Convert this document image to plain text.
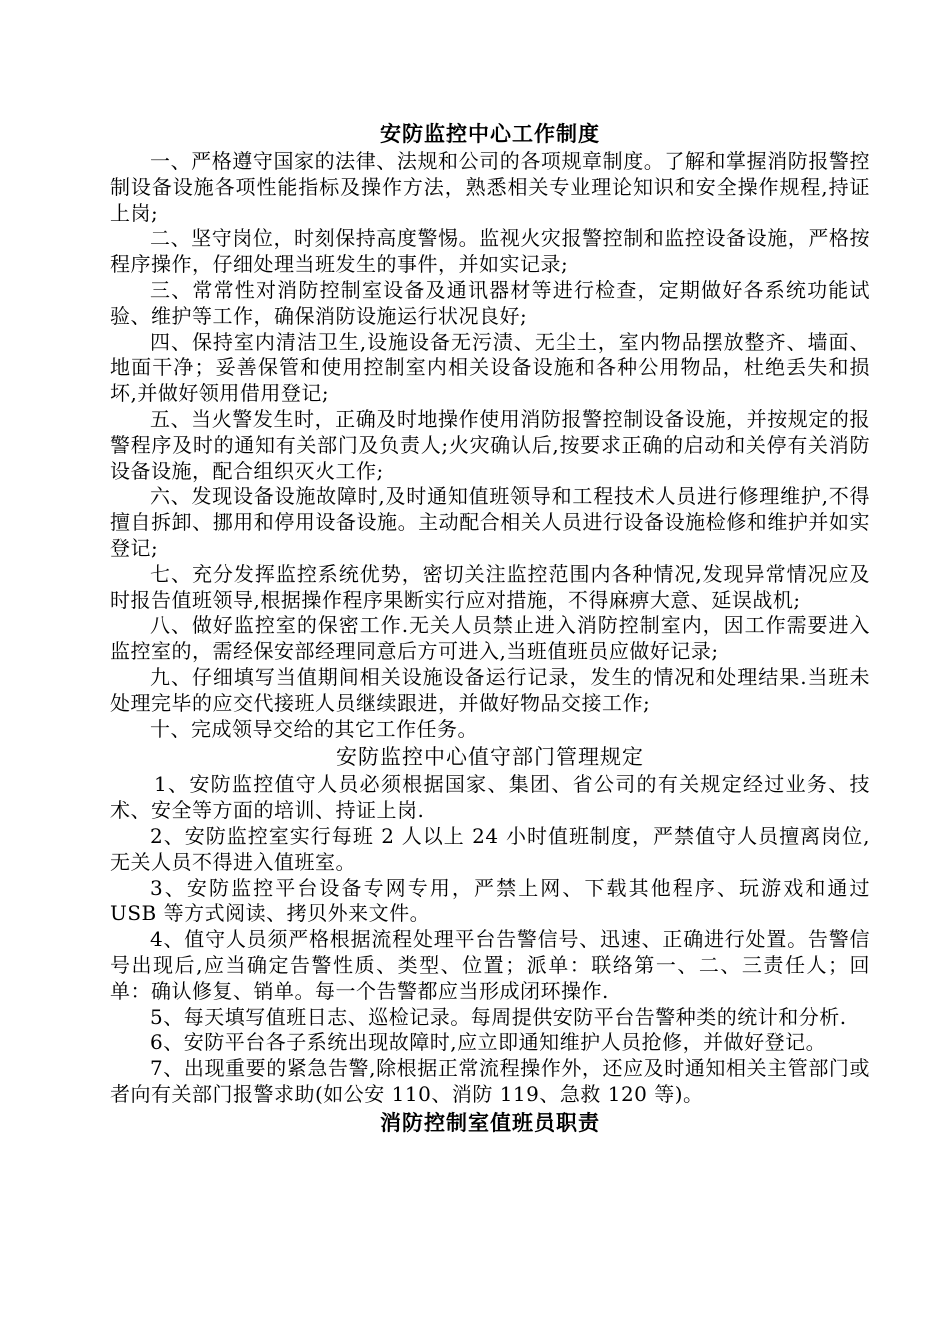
安防监控中心工作制度

一、严格遵守国家的法律、法规和公司的各项规章制度。了解和掌握消防报警控制设备设施各项性能指标及操作方法，熟悉相关专业理论知识和安全操作规程,持证上岗;

二、坚守岗位，时刻保持高度警惕。监视火灾报警控制和监控设备设施，严格按程序操作，仔细处理当班发生的事件，并如实记录;

三、常常性对消防控制室设备及通讯器材等进行检查，定期做好各系统功能试验、维护等工作，确保消防设施运行状况良好;

四、保持室内清洁卫生,设施设备无污渍、无尘土，室内物品摆放整齐、墙面、地面干净；妥善保管和使用控制室内相关设备设施和各种公用物品，杜绝丢失和损坏,并做好领用借用登记;

五、当火警发生时，正确及时地操作使用消防报警控制设备设施，并按规定的报警程序及时的通知有关部门及负责人;火灾确认后,按要求正确的启动和关停有关消防设备设施，配合组织灭火工作;

六、发现设备设施故障时,及时通知值班领导和工程技术人员进行修理维护,不得擅自拆卸、挪用和停用设备设施。主动配合相关人员进行设备设施检修和维护并如实登记;

七、充分发挥监控系统优势，密切关注监控范围内各种情况,发现异常情况应及时报告值班领导,根据操作程序果断实行应对措施，不得麻痹大意、延误战机;

八、做好监控室的保密工作.无关人员禁止进入消防控制室内，因工作需要进入监控室的，需经保安部经理同意后方可进入,当班值班员应做好记录;

九、仔细填写当值期间相关设施设备运行记录，发生的情况和处理结果.当班未处理完毕的应交代接班人员继续跟进，并做好物品交接工作;

十、完成领导交给的其它工作任务。

安防监控中心值守部门管理规定

1、安防监控值守人员必须根据国家、集团、省公司的有关规定经过业务、技术、安全等方面的培训、持证上岗.

2、安防监控室实行每班 2 人以上 24 小时值班制度，严禁值守人员擅离岗位,无关人员不得进入值班室。

3、安防监控平台设备专网专用，严禁上网、下载其他程序、玩游戏和通过 USB 等方式阅读、拷贝外来文件。

4、值守人员须严格根据流程处理平台告警信号、迅速、正确进行处置。告警信号出现后,应当确定告警性质、类型、位置；派单：联络第一、二、三责任人；回单：确认修复、销单。每一个告警都应当形成闭环操作.

5、每天填写值班日志、巡检记录。每周提供安防平台告警种类的统计和分析.

6、安防平台各子系统出现故障时,应立即通知维护人员抢修，并做好登记。

7、出现重要的紧急告警,除根据正常流程操作外，还应及时通知相关主管部门或者向有关部门报警求助(如公安 110、消防 119、急救 120 等)。

消防控制室值班员职责
